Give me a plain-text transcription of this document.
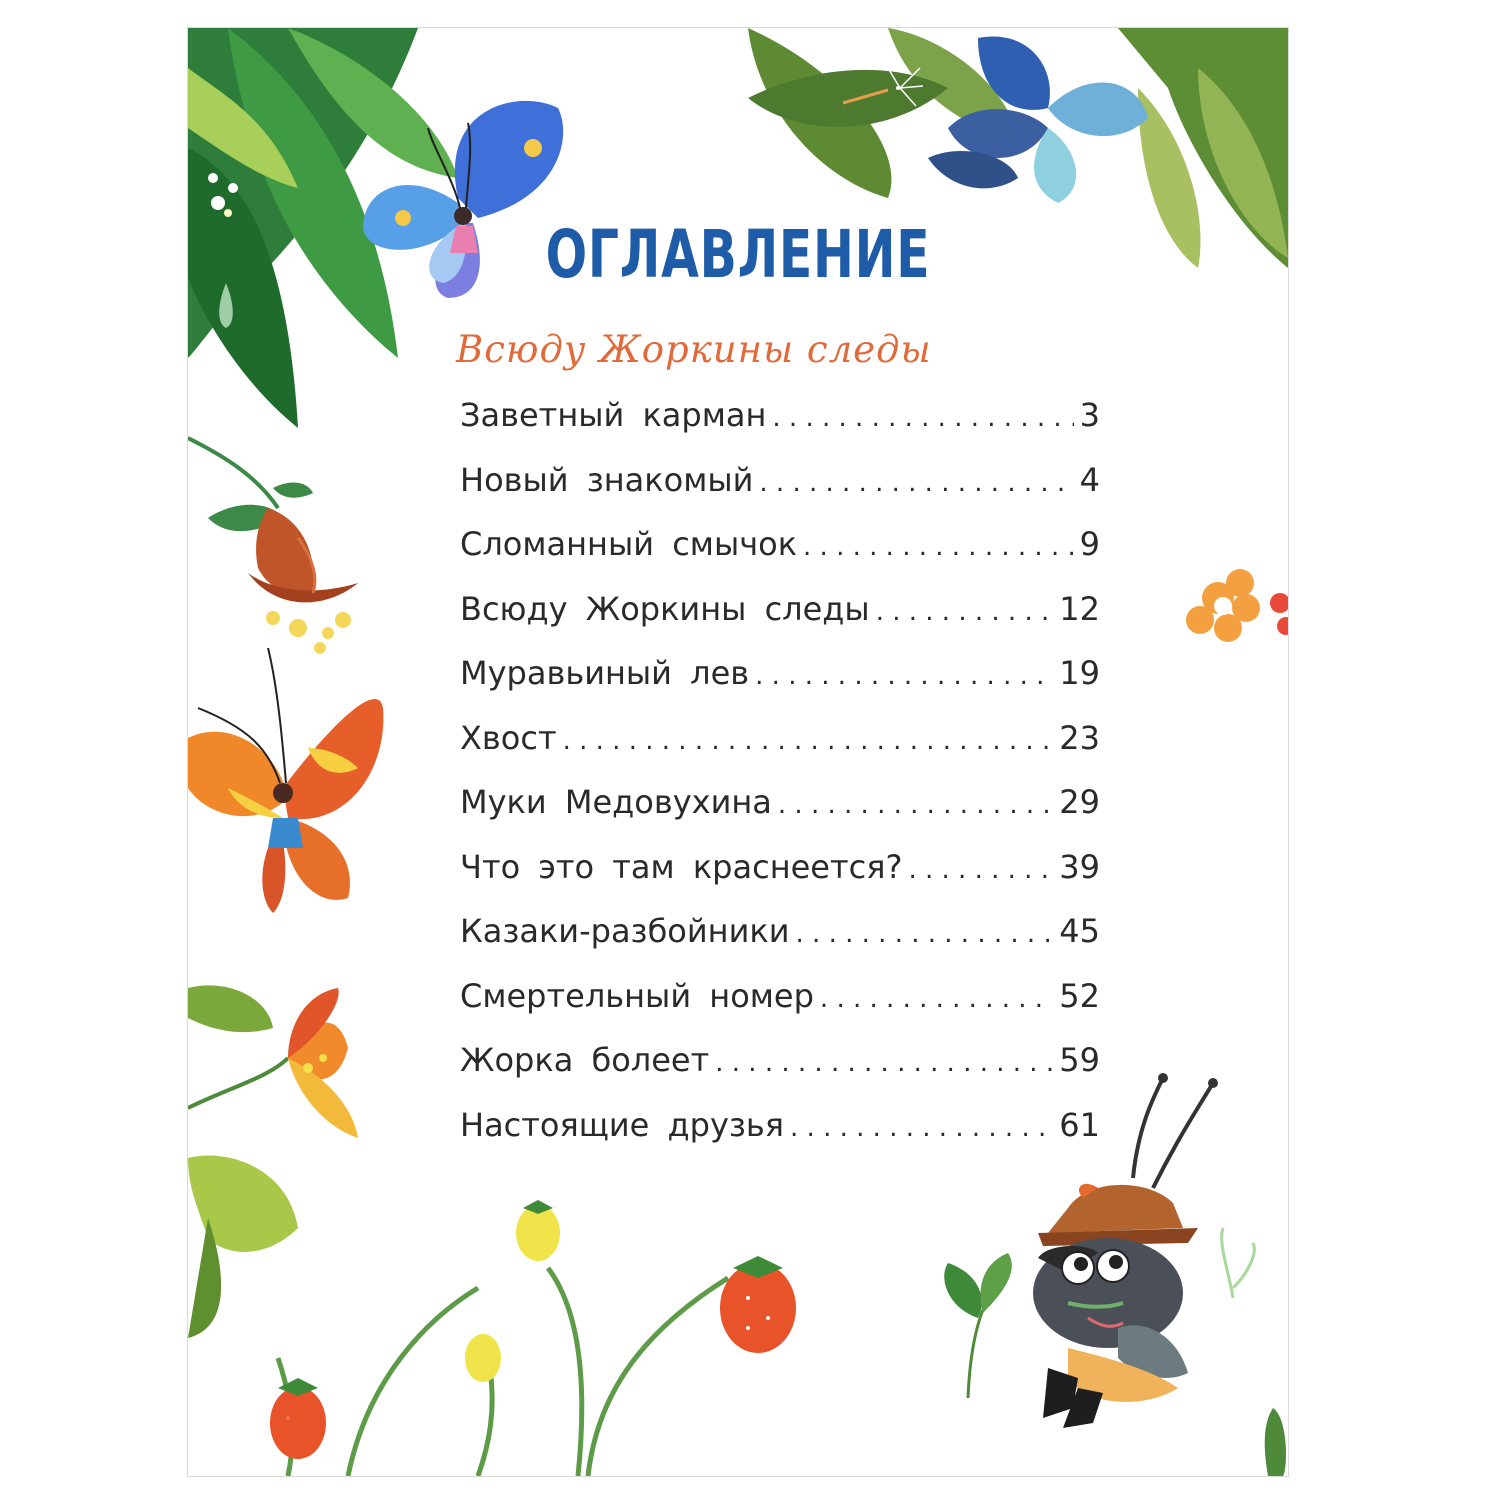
ОГЛАВЛЕНИЕ
Всюду Жоркины следы
Заветный карман . . .	3
Новый знакомый . . .	4
Сломанный смычок . . .	9
Всюду Жоркины следы . . .	12
Муравьиный лев . . .	19
Хвост . . .	23
Муки Медовухина . . .	29
Что это там краснеется? . . .	39
Казаки-разбойники . . .	45
Смертельный номер . . .	52
Жорка болеет . . .	59
Настоящие друзья . . .	61
